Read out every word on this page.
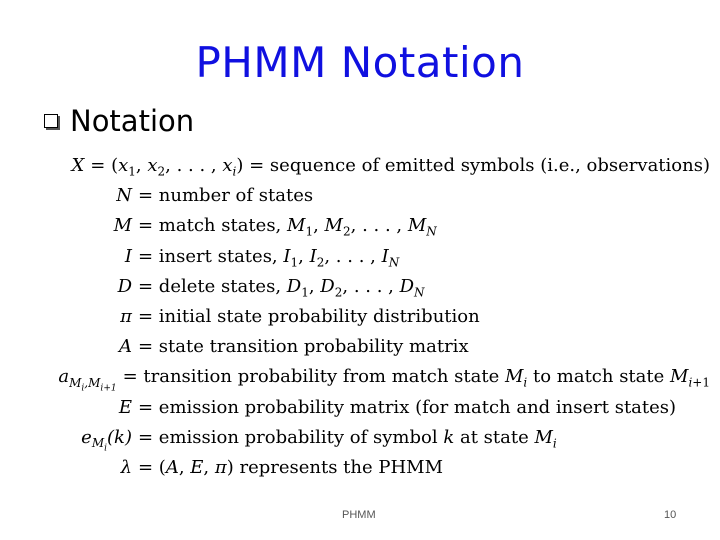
PHMM Notation
Notation
$X = (x_1$, $x_2$, . . . , $x_i$) = sequence of emitted symbols (i.e., observations)
N = number of states
M = match states, $M_1$, $M_2$, . . . , $M_N$
I = insert states, $I_1$, $I_2$, . . . , $I_N$
D = delete states, $D_1$, $D_2$, . . . , $D_N$
π = initial state probability distribution
A = state transition probability matrix
$a_{M_i,M_{i+1}}$
= transition probability from match state $M_i$ to match state $M_{i+1}$
E = emission probability matrix (for match and insert states)
$e_{M_i}(k)$ = emission probability of symbol k at state $M_i$
λ = (A, E, π) represents the PHMM
PHMM	10
